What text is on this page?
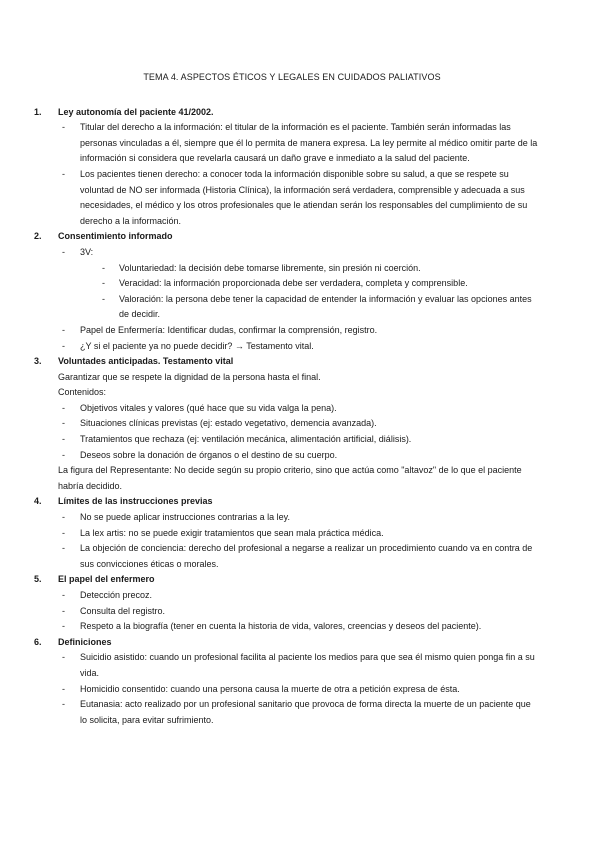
TEMA 4. ASPECTOS ÉTICOS Y LEGALES EN CUIDADOS PALIATIVOS
1.	Ley autonomía del paciente 41/2002.
- Titular del derecho a la información: el titular de la información es el paciente. También serán informadas las personas vinculadas a él, siempre que él lo permita de manera expresa. La ley permite al médico omitir parte de la información si considera que revelarla causará un daño grave e inmediato a la salud del paciente.
- Los pacientes tienen derecho: a conocer toda la información disponible sobre su salud, a que se respete su voluntad de NO ser informada (Historia Clínica), la información será verdadera, comprensible y adecuada a sus necesidades, el médico y los otros profesionales que le atiendan serán los responsables del cumplimiento de su derecho a la información.
2.	Consentimiento informado
- 3V:
- Voluntariedad: la decisión debe tomarse libremente, sin presión ni coerción.
- Veracidad: la información proporcionada debe ser verdadera, completa y comprensible.
- Valoración: la persona debe tener la capacidad de entender la información y evaluar las opciones antes de decidir.
- Papel de Enfermería: Identificar dudas, confirmar la comprensión, registro.
- ¿Y si el paciente ya no puede decidir? → Testamento vital.
3.	Voluntades anticipadas. Testamento vital
Garantizar que se respete la dignidad de la persona hasta el final.
Contenidos:
- Objetivos vitales y valores (qué hace que su vida valga la pena).
- Situaciones clínicas previstas (ej: estado vegetativo, demencia avanzada).
- Tratamientos que rechaza (ej: ventilación mecánica, alimentación artificial, diálisis).
- Deseos sobre la donación de órganos o el destino de su cuerpo.
La figura del Representante: No decide según su propio criterio, sino que actúa como "altavoz" de lo que el paciente habría decidido.
4.	Límites de las instrucciones previas
- No se puede aplicar instrucciones contrarias a la ley.
- La lex artis: no se puede exigir tratamientos que sean mala práctica médica.
- La objeción de conciencia: derecho del profesional a negarse a realizar un procedimiento cuando va en contra de sus convicciones éticas o morales.
5.	El papel del enfermero
- Detección precoz.
- Consulta del registro.
- Respeto a la biografía (tener en cuenta la historia de vida, valores, creencias y deseos del paciente).
6.	Definiciones
- Suicidio asistido: cuando un profesional facilita al paciente los medios para que sea él mismo quien ponga fin a su vida.
- Homicidio consentido: cuando una persona causa la muerte de otra a petición expresa de ésta.
- Eutanasia: acto realizado por un profesional sanitario que provoca de forma directa la muerte de un paciente que lo solicita, para evitar sufrimiento.
